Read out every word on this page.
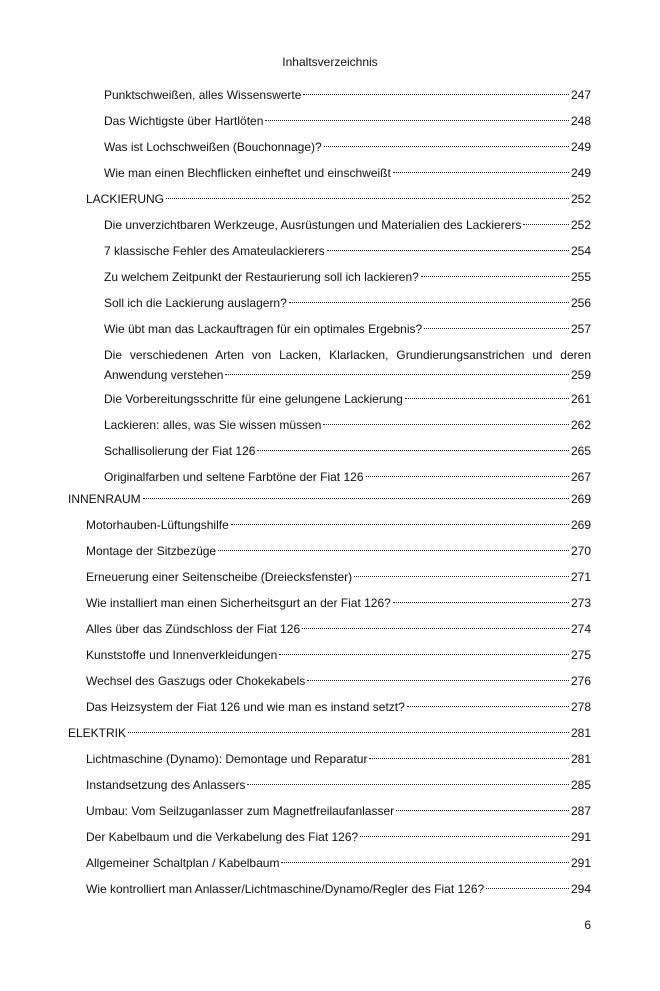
Inhaltsverzeichnis
Punktschweißen, alles Wissenswerte	247
Das Wichtigste über Hartlöten	248
Was ist Lochschweißen (Bouchonnage)?	249
Wie man einen Blechflicken einheftet und einschweißt	249
LACKIERUNG	252
Die unverzichtbaren Werkzeuge, Ausrüstungen und Materialien des Lackierers	252
7 klassische Fehler des Amateulackierers	254
Zu welchem Zeitpunkt der Restaurierung soll ich lackieren?	255
Soll ich die Lackierung auslagern?	256
Wie übt man das Lackauftragen für ein optimales Ergebnis?	257
Die verschiedenen Arten von Lacken, Klarlacken, Grundierungsanstrichen und deren
Anwendung verstehen	259
Die Vorbereitungsschritte für eine gelungene Lackierung	261
Lackieren: alles, was Sie wissen müssen	262
Schallisolierung der Fiat 126	265
Originalfarben und seltene Farbtöne der Fiat 126	267
INNENRAUM	269
Motorhauben-Lüftungshilfe	269
Montage der Sitzbezüge	270
Erneuerung einer Seitenscheibe (Dreiecksfenster)	271
Wie installiert man einen Sicherheitsgurt an der Fiat 126?	273
Alles über das Zündschloss der Fiat 126	274
Kunststoffe und Innenverkleidungen	275
Wechsel des Gaszugs oder Chokekabels	276
Das Heizsystem der Fiat 126 und wie man es instand setzt?	278
ELEKTRIK	281
Lichtmaschine (Dynamo): Demontage und Reparatur	281
Instandsetzung des Anlassers	285
Umbau: Vom Seilzuganlasser zum Magnetfreilaufanlasser	287
Der Kabelbaum und die Verkabelung des Fiat 126?	291
Allgemeiner Schaltplan / Kabelbaum	291
Wie kontrolliert man Anlasser/Lichtmaschine/Dynamo/Regler des Fiat 126?	294
6
